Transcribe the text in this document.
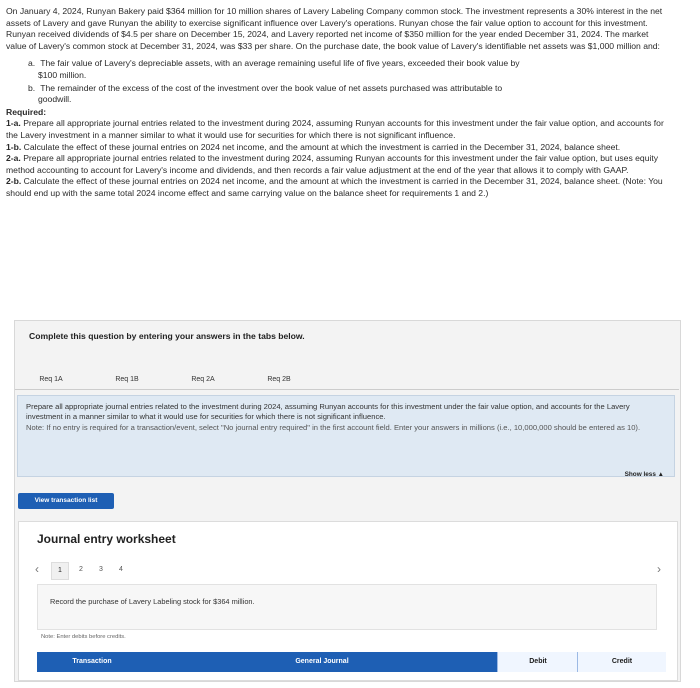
On January 4, 2024, Runyan Bakery paid $364 million for 10 million shares of Lavery Labeling Company common stock. The investment represents a 30% interest in the net assets of Lavery and gave Runyan the ability to exercise significant influence over Lavery's operations. Runyan chose the fair value option to account for this investment. Runyan received dividends of $4.5 per share on December 15, 2024, and Lavery reported net income of $350 million for the year ended December 31, 2024. The market value of Lavery's common stock at December 31, 2024, was $33 per share. On the purchase date, the book value of Lavery's identifiable net assets was $1,000 million and:

a. The fair value of Lavery's depreciable assets, with an average remaining useful life of five years, exceeded their book value by
$100 million.
b. The remainder of the excess of the cost of the investment over the book value of net assets purchased was attributable to
goodwill.

Required:

1-a. Prepare all appropriate journal entries related to the investment during 2024, assuming Runyan accounts for this investment under the fair value option, and accounts for the Lavery investment in a manner similar to what it would use for securities for which there is not significant influence.

1-b. Calculate the effect of these journal entries on 2024 net income, and the amount at which the investment is carried in the December 31, 2024, balance sheet.

2-a. Prepare all appropriate journal entries related to the investment during 2024, assuming Runyan accounts for this investment under the fair value option, but uses equity method accounting to account for Lavery's income and dividends, and then records a fair value adjustment at the end of the year that allows it to comply with GAAP.

2-b. Calculate the effect of these journal entries on 2024 net income, and the amount at which the investment is carried in the December 31, 2024, balance sheet. (Note: You should end up with the same total 2024 income effect and same carrying value on the balance sheet for requirements 1 and 2.)

Complete this question by entering your answers in the tabs below.
Req 1A	Req 1B	Req 2A	Req 2B
Prepare all appropriate journal entries related to the investment during 2024, assuming Runyan accounts for this investment under the fair value option, and accounts for the Lavery investment in a manner similar to what it would use for securities for which there is not significant influence.
Note: If no entry is required for a transaction/event, select "No journal entry required" in the first account field. Enter your answers in millions (i.e., 10,000,000 should be entered as 10).
Show less ▲
View transaction list
Journal entry worksheet
‹	1	2	3	4	›
Record the purchase of Lavery Labeling stock for $364 million.
Note: Enter debits before credits.
Transaction	General Journal	Debit	Credit
